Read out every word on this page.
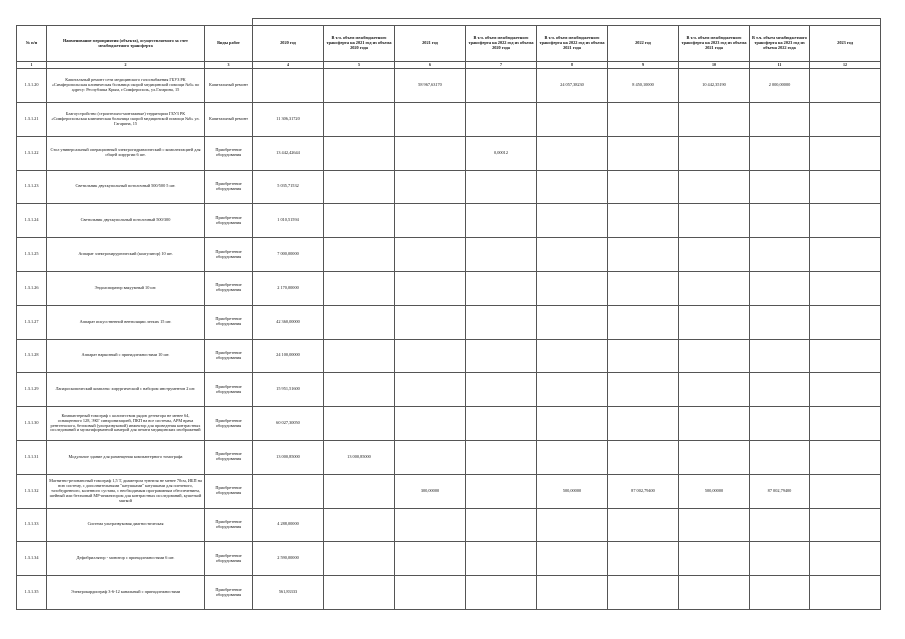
№ п/п	Наименование мероприятия (объекта), осуществляемого за счет межбюджетного трансферта	Виды работ	2020 год	В т.ч. объем межбюджетного трансферта на 2021 год из объема 2020 года	2021 год	В т.ч. объем межбюджетного трансферта на 2022 год из объема 2020 года	В т.ч. объем межбюджетного трансферта на 2022 год из объема 2021 года	2022 год	В т.ч. объем межбюджетного трансферта на 2023 год из объема 2021 года	В т.ч. объем межбюджетного трансферта на 2023 год из объема 2022 года	2023 год
1	2	3	4	5	6	7	8	9	10	11	12
1.3.1.20	Капитальный ремонт сети медицинского газоснабжения ГБУЗ РК «Симферопольская клиническая больница скорой медицинской помощи №6» по адресу: Республика Крым, г.Симферополь, ул.Гагарина, 15	Капитальный ремонт			58 967,63170		24 057,38230	8 450,10000	10 442,35190	2 000,00000	
1.3.1.21	Благоустройство (строительно-монтажные) территории ГБУЗ РК «Симферопольская клиническая больница скорой медицинской помощи №6» ул. Гагарина, 15	Капитальный ремонт	11 306,31720								
1.3.1.22	Стол универсальный операционный электрогидравлический с комплектацией для общей хирургии 6 шт.	Приобретение оборудования	13 442,42644			0,00012					
1.3.1.23	Светильник двухкупольный потолочный 500/500 5 шт.	Приобретение оборудования	5 035,71532								
1.3.1.24	Светильник двухкупольный потолочный 500/300	Приобретение оборудования	1 010,51594								
1.3.1.25	Аппарат электрохирургический (коагулятор) 10 шт.	Приобретение оборудования	7 000,00000								
1.3.1.26	Эндоаспиратор вакуумный 10 шт.	Приобретение оборудования	2 170,00000								
1.3.1.27	Аппарат искусственной вентиляции легких 15 шт.	Приобретение оборудования	42 360,00000								
1.3.1.28	Аппарат наркозный с принадлежностями 10 шт.	Приобретение оборудования	24 100,00000								
1.3.1.29	Лапароскопический комплекс хирургический с набором инструментов 2 шт.	Приобретение оборудования	15 951,51600								
1.3.1.30	Компьютерный томограф с количеством рядов детектора не менее 64, оснащенного 128, ЭКГ синхронизацией, ПКП на все системы, АРМ врача рентгенолога, безэховый (ультразвуковой) инжектор для проведения контрастных исследований и мультиформатной камерой для печати медицинских изображений	Приобретение оборудования	60 027,30050								
1.3.1.31	Модульное здание для размещения компьютерного томографа	Приобретение оборудования	13 000,85000	13 000,85000							
1.3.1.32	Магнитно-резонансный томограф 1,5 Т, диаметром туннеля не менее 70см, ИБП на всю систему, с дополнительными "катушками" катушками для плечевого, тазобедренного, коленного сустава, с необходимым программным обеспечением, шейный или безэховый МР-инжектором для контрастных исследований, кушеткой мягкой	Приобретение оборудования			300,00000		500,00000	87 002,79400	500,00000	87 002,79400	
1.3.1.33	Система ультразвуковая диагностическая	Приобретение оборудования	4 288,00000								
1.3.1.34	Дефибриллятор - монитор с принадлежностями 6 шт.	Приобретение оборудования	2 590,00000								
1.3.1.35	Электрокардиограф 3-6-12 канальный с принадлежностями	Приобретение оборудования	561,83333								
